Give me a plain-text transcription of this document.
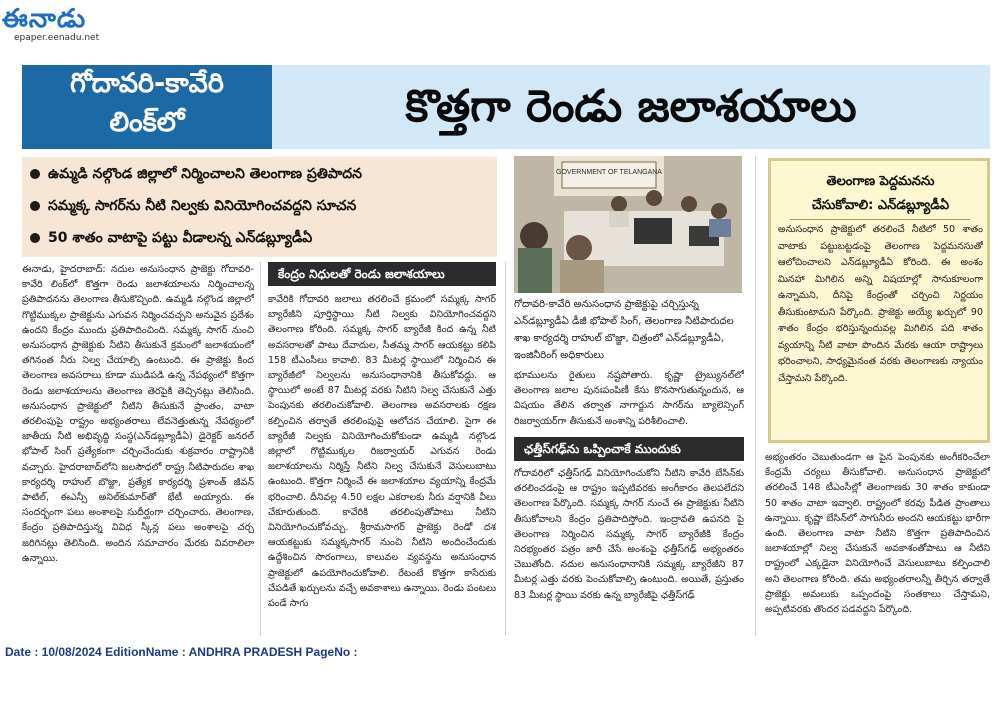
ఈనాడు
epaper.eenadu.net
గోదావరి-కావేరి
లింక్‌లో	కొత్తగా రెండు జలాశయాలు
ఉమ్మడి నల్గొండ జిల్లాలో నిర్మించాలని తెలంగాణ ప్రతిపాదన
సమ్మక్క సాగర్‌ను నీటి నిల్వకు వినియోగించవద్దని సూచన
50 శాతం వాటాపై పట్టు వీడాలన్న ఎన్‌డబ్ల్యూడీఏ
ఈనాడు, హైదరాబాద్: నదుల అనుసంధాన ప్రాజెక్టు గోదావరి-కావేరి లింక్‌లో కొత్తగా రెండు జలాశయాలను నిర్మించాలన్న ప్రతిపాదనను తెలంగాణ తీసుకొచ్చింది. ఉమ్మడి నల్గొండ జిల్లాలో గొట్టిముక్కల ప్రాజెక్టును ఎగువన నిర్మించవచ్చని అనువైన ప్రదేశం ఉందని కేంద్రం ముందు ప్రతిపాదించింది. సమ్మక్క సాగర్ నుంచి అనుసంధాన ప్రాజెక్టుకు నీటిని తీసుకునే క్రమంలో జలాశయంలో తగినంత నీరు నిల్వ చేయాల్సి ఉంటుంది. ఈ ప్రాజెక్టు కింద తెలంగాణ అవసరాలు కూడా ముడిపడి ఉన్న నేపథ్యంలో కొత్తగా రెండు జలాశయాలను తెలంగాణ తెరపైకి తెచ్చినట్లు తెలిసింది. అనుసంధాన ప్రాజెక్టులో నీటిని తీసుకునే ప్రాంతం, వాటా తరలింపుపై రాష్ట్రం అభ్యంతరాలు లేవనెత్తుతున్న నేపథ్యంలో జాతీయ నీటి అభివృద్ధి సంస్థ(ఎన్‌డబ్ల్యూడీఏ) డైరెక్టర్ జనరల్ భోపాల్ సింగ్ ప్రత్యేకంగా చర్చించేందుకు శుక్రవారం రాష్ట్రానికి వచ్చారు. హైదరాబాద్‌లోని జలసౌధలో రాష్ట్ర నీటిపారుదల శాఖ కార్యదర్శి రాహుల్ బొజ్జా, ప్రత్యేక కార్యదర్శి ప్రశాంత్ జీవన్ పాటిల్, ఈఎన్సీ అనిల్‌కుమార్‌తో భేటీ అయ్యారు. ఈ సందర్భంగా పలు అంశాలపై సుదీర్ఘంగా చర్చించారు. తెలంగాణ, కేంద్రం ప్రతిపాదిస్తున్న వివిధ స్కీన్ల పలు అంశాలపై చర్చ జరిగినట్లు తెలిసింది. అందిన సమాచారం మేరకు వివరాలిలా ఉన్నాయి.
కేంద్రం నిధులతో రెండు జలాశయాలు
కావేరికి గోదావరి జలాలు తరలించే క్రమంలో సమ్మక్క సాగర్ బ్యారేజీని పూర్తిస్థాయి నీటి నిల్వకు వినియోగించవద్దని తెలంగాణ కోరింది. సమ్మక్క సాగర్ బ్యారేజీ కింద ఉన్న నీటి అవసరాలతో పాటు దేవాదుల, సీతమ్మ సాగర్ ఆయకట్టు కలిపి 158 టీఎంసీలు కావాలి. 83 మీటర్ల స్థాయిలో నిర్మించిన ఈ బ్యారేజీలో నిల్వలను అనుసంధానానికి తీసుకోవద్దు. ఆ స్థాయిలో అంటే 87 మీటర్ల వరకు నీటిని నిల్వ చేసుకునే ఎత్తు పెంపునకు తరలించుకోవాలి. తెలంగాణ అవసరాలకు రక్షణ కల్పించిన తర్వాతే తరలింపుపై ఆలోచన చేయాలి. సైగా ఈ బ్యారేజీ నిల్వకు వినియోగించుకోకుండా ఉమ్మడి నల్గొండ జిల్లాలో గొట్టిముక్కల రిజర్వాయర్ ఎగువన రెండు జలాశయాలను నిర్మిస్తే నీటిని నిల్వ చేసుకునే వెసులుబాటు ఉంటుంది. కొత్తగా నిర్మించే ఈ జలాశయాల వ్యయాన్ని కేంద్రమే భరించాలి. దీనివల్ల 4.50 లక్షల ఎకరాలకు నీరు వర్షానికి వీలు చేకూరుతుంది. కావేరికి తరలింపుతోపాటు నీటిని వినియోగించుకోవచ్చు. శ్రీరామసాగర్ ప్రాజెక్టు రెండో దశ ఆయకట్టుకు సమ్మక్కసాగర్ నుంచి నీటిని అందించేందుకు ఉద్దేశించిన సొరంగాలు, కాలువల వ్యవస్థను అనుసంధాన ప్రాజెక్టులో ఉపయోగించుకోవాలి. రేటంటే కొత్తగా కాసేరుకు చేపడితే ఖర్చులను వచ్చే అవకాశాలు ఉన్నాయి. రెండు పంటలు పండే సాగు
GOVERNMENT OF TELANGANA
గోదావరి-కావేరి అనుసంధాన ప్రాజెక్టుపై చర్చిస్తున్న ఎన్‌డబ్ల్యూడీఏ డీజీ భోపాల్ సింగ్, తెలంగాణ నీటిపారుదల శాఖ కార్యదర్శి రాహుల్ బొజ్జా, చిత్రంలో ఎన్‌డబ్ల్యూడీఏ, ఇంజినీరింగ్ అధికారులు
భూములను రైతులు నష్టపోతారు. కృష్ణా ట్రైబ్యునల్‌లో తెలంగాణ జలాల పునఃపంపిణీ కేసు కొనసాగుతున్నందున, ఆ విషయం తేలిన తర్వాత నాగార్జున సాగర్‌ను బ్యాలెన్సింగ్ రిజర్వాయర్‌గా తీసుకునే అంశాన్ని పరిశీలించాలి.
ఛత్తీస్‌గఢ్‌ను ఒప్పించాకే ముందుకు
గోదావరిలో ఛత్తీస్‌గఢ్ వినియోగించుకోని నీటిని కావేరి బేసిన్‌కు తరలించడంపై ఆ రాష్ట్రం ఇప్పటివరకు అంగీకారం తెలపలేదని తెలంగాణ పేర్కొంది. సమ్మక్క సాగర్ నుంచే ఈ ప్రాజెక్టుకు నీటిని తీసుకోవాలని కేంద్రం ప్రతిపాదిస్తోంది. ఇంద్రావతి ఉపనది పై తెలంగాణ నిర్మించిన సమ్మక్క సాగర్ బ్యారేజీకి కేంద్రం నిరభ్యంతర పత్రం జారీ చేసే అంశంపై ఛత్తీస్‌గఢ్ అభ్యంతరం చెబుతోంది. నదుల అనుసంధానానికి సమ్మక్క బ్యారేజీని 87 మీటర్ల ఎత్తు వరకు పెంచుకోవాల్సి ఉంటుంది. అయితే, ప్రస్తుతం 83 మీటర్ల స్థాయి వరకు ఉన్న బ్యారేజీపై ఛత్తీస్‌గఢ్
తెలంగాణ పెద్దమనను
చేసుకోవాలి: ఎన్‌డబ్ల్యూడీఏ
అనుసంధాన ప్రాజెక్టులో తరలించే నీటిలో 50 శాతం వాటాకు పట్టుబట్టడంపై తెలంగాణ పెద్దమనసుతో ఆలోచించాలని ఎన్‌డబ్ల్యూడీఏ కోరింది. ఈ అంశం మినహా మిగిలిన అన్ని విషయాల్లో సానుకూలంగా ఉన్నామని, దీనిపై కేంద్రంతో చర్చించి నిర్ణయం తీసుకుంటామని పేర్కొంది. ప్రాజెక్టు అయ్యే ఖర్చులో 90 శాతం కేంద్రం భరిస్తున్నందువల్ల మిగిలిన పది శాతం వ్యయాన్ని నీటి వాటా పొందిన మేరకు ఆయా రాష్ట్రాలు భరించాలని, సాధ్యమైనంత వరకు తెలంగాణకు న్యాయం చేస్తామని పేర్కొంది.
అభ్యంతరం చెబుతుండగా ఆ పైన పెంపునకు అంగీకరించేలా కేంద్రమే చర్యలు తీసుకోవాలి. అనుసంధాన ప్రాజెక్టులో తరలించే 148 టీఎంసీల్లో తెలంగాణకు 30 శాతం కాకుండా 50 శాతం వాటా ఇవ్వాలి. రాష్ట్రంలో కరవు పీడిత ప్రాంతాలు ఉన్నాయి. కృష్ణా బేసిన్‌లో సాగునీరు అందని ఆయకట్టు భారీగా ఉంది. తెలంగాణ వాటా నీటిని కొత్తగా ప్రతిపాదించిన జలాశయాల్లో నిల్వ చేసుకునే అవకాశంతోపాటు ఆ నీటిని రాష్ట్రంలో ఎక్కడైనా వినియోగించే వెసులుబాటు కల్పించాలి అని తెలంగాణ కోరింది. తమ అభ్యంతరాలన్నీ తీర్చిన తర్వాతే ప్రాజెక్టు అమలుకు ఒప్పందంపై సంతకాలు చేస్తామని, అప్పటివరకు తొందర పడవద్దని పేర్కొంది.
Date : 10/08/2024 EditionName : ANDHRA PRADESH PageNo :
